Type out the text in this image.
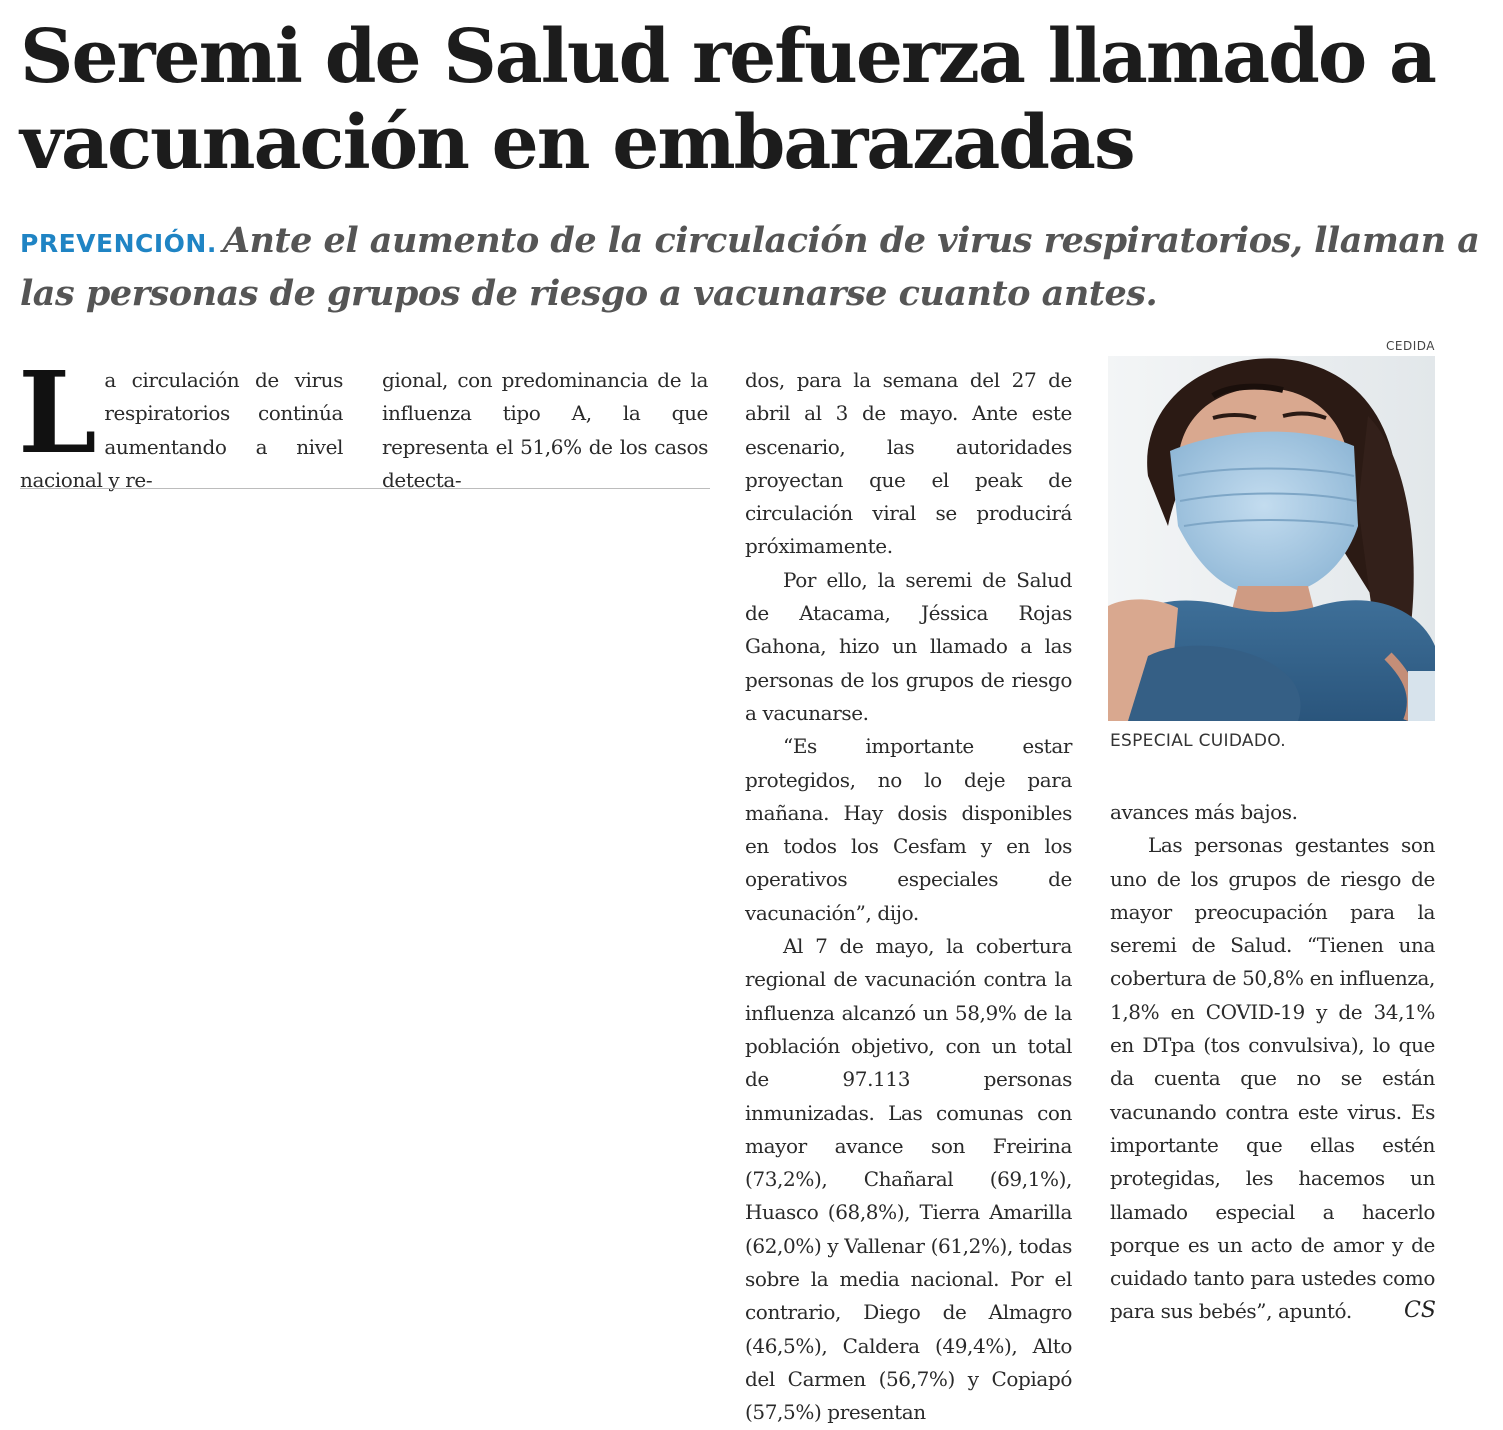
Seremi de Salud refuerza llamado a vacunación en embarazadas

PREVENCIÓN. Ante el aumento de la circulación de virus respiratorios, llaman a las personas de grupos de riesgo a vacunarse cuanto antes.

L a circulación de virus respiratorios continúa aumentando a nivel nacional y re-

gional, con predominancia de la influenza tipo A, la que representa el 51,6% de los casos detecta-

dos, para la semana del 27 de abril al 3 de mayo. Ante este escenario, las autoridades proyectan que el peak de circulación viral se producirá próximamente.

Por ello, la seremi de Salud de Atacama, Jéssica Rojas Gahona, hizo un llamado a las personas de los grupos de riesgo a vacunarse.

“Es importante estar protegidos, no lo deje para mañana. Hay dosis disponibles en todos los Cesfam y en los operativos especiales de vacunación”, dijo.

Al 7 de mayo, la cobertura regional de vacunación contra la influenza alcanzó un 58,9% de la población objetivo, con un total de 97.113 personas inmunizadas. Las comunas con mayor avance son Freirina (73,2%), Chañaral (69,1%), Huasco (68,8%), Tierra Amarilla (62,0%) y Vallenar (61,2%), todas sobre la media nacional. Por el contrario, Diego de Almagro (46,5%), Caldera (49,4%), Alto del Carmen (56,7%) y Copiapó (57,5%) presentan

CEDIDA
ESPECIAL CUIDADO.

avances más bajos.

Las personas gestantes son uno de los grupos de riesgo de mayor preocupación para la seremi de Salud. “Tienen una cobertura de 50,8% en influenza, 1,8% en COVID-19 y de 34,1% en DTpa (tos convulsiva), lo que da cuenta que no se están vacunando contra este virus. Es importante que ellas estén protegidas, les hacemos un llamado especial a hacerlo porque es un acto de amor y de cuidado tanto para ustedes como para sus bebés”, apuntó.	CS
